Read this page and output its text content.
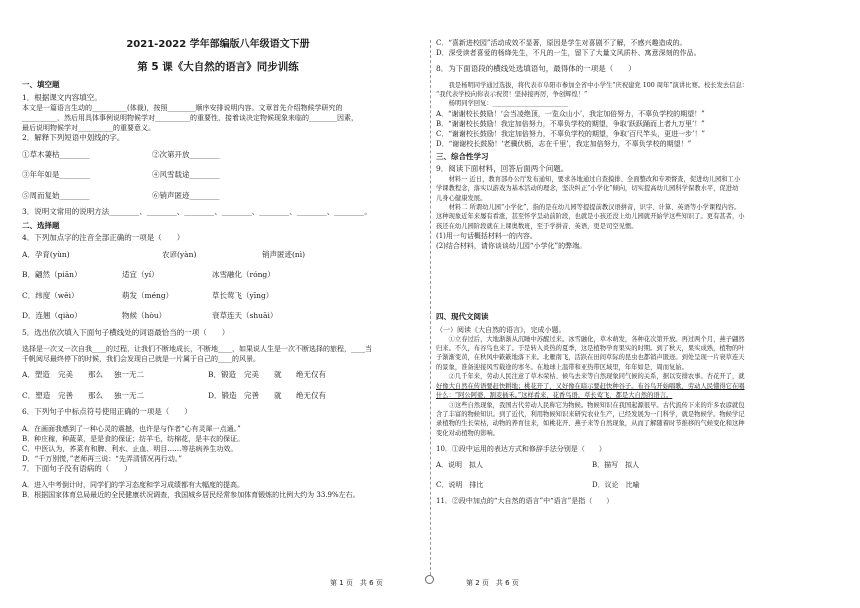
2021-2022 学年部编版八年级语文下册
第 5 课《大自然的语言》同步训练
一、填空题

1．根据课文内容填空。

本文是一篇语言生动的__________(体裁)，按照________顺序安排说明内容。文章首先介绍物候学研究的

__________，然后用具体事例说明物候学对__________的重要性，接着谈决定物候现象来临的________因素，

最后说明物候学对__________的重要意义。

2．解释下列短语中划线的字。

①草木萋枯________	②次第开放________
③年年如是________	④风雪载途________
⑤周而复始________	⑥销声匿迹________

3．说明文常用的说明方法________、________、________、________、________、________、________。

二、选择题

4．下列加点字的注音全部正确的一项是（　　）

A．孕育(yùn)	农谚(yàn)	销声匿迹(nì)
B．翩然（piān）	适宜（yí）	冰雪融化（róng）
C．纬度（wěi）	萌发（méng）	草长莺飞（yīng）
D．连翘（qiào）	物候（hòu）	衰草连天（shuāi）

5．选出依次填入下面句子横线处的词语最恰当的一项（　　）

选择是一次又一次自我____的过程，让我们不断地成长，不断地____，如果说人生是一次不断选择的旅程，____当

千帆阅尽最终停下的时候，我们会发现自己就是一片属于自己的____的风景。

A．塑造	完美	那么	独一无二	B．锻造	完美	就	绝无仅有
C．塑造	完善	那么	独一无二	D．锻造 完善	就	绝无仅有

6．下列句子中标点符号使用正确的一项是（　　）

A．在画面我感到了一种心灵的震撼，也许是与作者“心有灵犀一点通。”

B．种庄稼，种蔬菜，是是食的保证；纺羊毛，纺棉花，是丰衣的保证。

C．中医认为，荞菜有和脾、利水、止血、明目……等祛病养生功效。

D．“千万别慌，”老师再三说：“先弄清情况再行动。”

7．下面句子没有语病的（　　）

A．进入中考倒计时，同学们的学习态度和学习成绩都有大幅度的提高。

B．根据国家体育总局最近的全民健康状况调查，我国城乡居民经常参加体育锻炼的比例大约为 33.9%左右。

C．“喜新进校园”活动成效不显著，原因是学生对喜剧不了解，不感兴趣造成的。

D．深受读者喜爱的杨绛先生，不凡的一生，留下了大量文风质朴、寓意深刻的作品。

8．为下面语段的横线处选填语句，最得体的一项是（　　）

　　我是杨明同学通过选拔，将代表市阜阳市参加全省中小学生“庆祝建党 100 周年”演讲比赛。校长发去信息：

“我代表学校向你表示祝贺！坚持接再厉，争创辉煌！”

　　杨明同学回复：________________________

A．“谢谢校长鼓励！‘会当凌绝顶，一览众山小’，我定加倍努力，不辜负学校的期望！”

B．“谢谢校长鼓励！我定加倍努力，不辜负学校的期望，争取‘跃跃踊而上者九万里’！”

C．“谢谢校长鼓励！我定加倍努力，不辜负学校的期望，争取‘百尺竿头，更进一步’！”

D．“谢谢校长鼓励！‘老骥伏枥，志在千里’，我定加倍努力，不辜负学校的期望！”

三、综合性学习

9．阅读下面材料，回答后面两个问题。

　　材料一 近日，教育部办公厅发布通知，要求各地通过自查摸排、全面整改和专项督查，促进幼儿园和工小

学课教程念，落实以游戏为基本活动的理念，坚决纠正“小学化”倾向，切实提高幼儿园科学保教水平，促进幼

儿身心健康发展。

　　材料二 所谓幼儿园“小学化”，指的是在幼儿园等提提前教汉语拼音，识字、计算、英语等小学课程内容。

这种现象近年来屡有看涨，甚至怀学呈动前阶段，也就是小孩还没上幼儿园就开始学这些知识了。更有甚者，小

孩还在幼儿园阶段就在上课奥数班，至于学拼音、英语，更是司空见惯。

(1)用一句话概括材料一的内容。

(2)结合材料，请你谈谈幼儿园“小学化”的弊端。

四、现代文阅读

（一）阅读《大自然的语言》，完成小题。

　　①立春过后，大地渐渐从沉睡中苏醒过来。冰雪融化，草木萌发，各种花次第开放。再过两个月，燕子翩然

归来。不久，布谷鸟也来了。于是转入炎热的夏季，这是植物孕育果实的时期。到了秋天，果实成熟，植物的叶

子渐渐变黄，在秋风中簌簌地落下来。北雁南飞，活跃在田间草际的昆虫也都销声匿迹。到处呈现一片衰草连天

的景象，准备迎接风雪载途的寒冬。在地球上温带和亚热带区域里，年年如是，周而复始。

　　②几千年来，劳动人民注意了草木荣枯、候鸟去来等自然现象同气候的关系，据以安排农事。杏花开了，就

好像大自然在传语要赶快耕地；桃花开了，又好像在暗示要赶快种谷子。布谷鸟开始唱歌，劳动人民懂得它在唱

什么：“阿公阿婆，割麦插禾。”这样看来，花香鸟语，草长莺飞，都是大自然的语言。

　　③这些自然现象，我国古代劳动人民称它为物候。物候知识在我国起源很早。古代流传下来的许多农谚就包

含了丰富的物候知识。到了近代，利用物候知识来研究农业生产，已经发展为一门科学，就是物候学。物候学记

录植物的生长荣枯，动物的养育往来，如桃花开、燕子来等自然现象，从而了解随着时节推移的气候变化和这种

变化对动植物的影响。

10．①段中运用的表达方式和修辞手法分别是（　　）

A．说明　拟人	B．描写　拟人
C．说明　排比	D．议论　比喻

11．②段中加点的“大自然的语言”中“语言”是指（　　）

第 1 页　共 6 页	第 2 页　共 6 页
